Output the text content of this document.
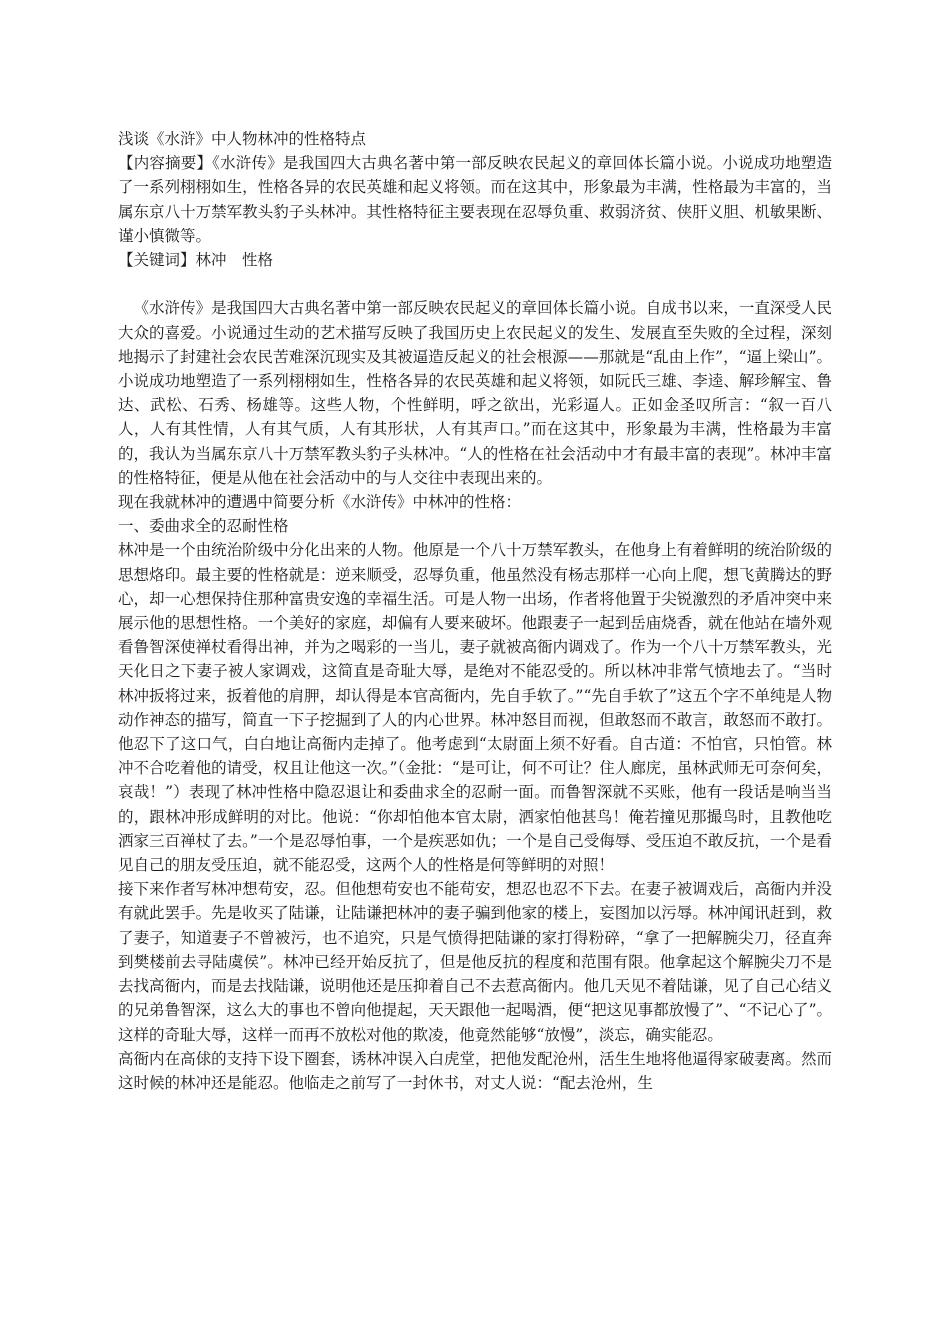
浅谈《水浒》中人物林冲的性格特点

【内容摘要】《水浒传》是我国四大古典名著中第一部反映农民起义的章回体长篇小说。小说成功地塑造了一系列栩栩如生，性格各异的农民英雄和起义将领。而在这其中，形象最为丰满，性格最为丰富的，当属东京八十万禁军教头豹子头林冲。其性格特征主要表现在忍辱负重、救弱济贫、侠肝义胆、机敏果断、谨小慎微等。

【关键词】林冲　性格

《水浒传》是我国四大古典名著中第一部反映农民起义的章回体长篇小说。自成书以来，一直深受人民大众的喜爱。小说通过生动的艺术描写反映了我国历史上农民起义的发生、发展直至失败的全过程，深刻地揭示了封建社会农民苦难深沉现实及其被逼造反起义的社会根源——那就是“乱由上作”，“逼上梁山”。小说成功地塑造了一系列栩栩如生，性格各异的农民英雄和起义将领，如阮氏三雄、李逵、解珍解宝、鲁达、武松、石秀、杨雄等。这些人物，个性鲜明，呼之欲出，光彩逼人。正如金圣叹所言：“叙一百八人，人有其性情，人有其气质，人有其形状，人有其声口。”而在这其中，形象最为丰满，性格最为丰富的，我认为当属东京八十万禁军教头豹子头林冲。“人的性格在社会活动中才有最丰富的表现”。林冲丰富的性格特征，便是从他在社会活动中的与人交往中表现出来的。

现在我就林冲的遭遇中简要分析《水浒传》中林冲的性格：

一、委曲求全的忍耐性格

林冲是一个由统治阶级中分化出来的人物。他原是一个八十万禁军教头，在他身上有着鲜明的统治阶级的思想烙印。最主要的性格就是：逆来顺受，忍辱负重，他虽然没有杨志那样一心向上爬，想飞黄腾达的野心，却一心想保持住那种富贵安逸的幸福生活。可是人物一出场，作者将他置于尖锐激烈的矛盾冲突中来展示他的思想性格。一个美好的家庭，却偏有人要来破坏。他跟妻子一起到岳庙烧香，就在他站在墙外观看鲁智深使禅杖看得出神，并为之喝彩的一当儿，妻子就被高衙内调戏了。作为一个八十万禁军教头，光天化日之下妻子被人家调戏，这简直是奇耻大辱，是绝对不能忍受的。所以林冲非常气愤地去了。“当时林冲扳将过来，扳着他的肩胛，却认得是本官高衙内，先自手软了。”“先自手软了”这五个字不单纯是人物动作神态的描写，简直一下子挖掘到了人的内心世界。林冲怒目而视，但敢怒而不敢言，敢怒而不敢打。他忍下了这口气，白白地让高衙内走掉了。他考虑到“太尉面上须不好看。自古道：不怕官，只怕管。林冲不合吃着他的请受，权且让他这一次。”（金批：“是可让，何不可让？住人廊庑，虽林武师无可奈何矣，哀哉！”）表现了林冲性格中隐忍退让和委曲求全的忍耐一面。而鲁智深就不买账，他有一段话是响当当的，跟林冲形成鲜明的对比。他说：“你却怕他本官太尉，洒家怕他甚鸟！俺若撞见那撮鸟时，且教他吃洒家三百禅杖了去。”一个是忍辱怕事，一个是疾恶如仇；一个是自己受侮辱、受压迫不敢反抗，一个是看见自己的朋友受压迫，就不能忍受，这两个人的性格是何等鲜明的对照！

接下来作者写林冲想苟安，忍。但他想苟安也不能苟安，想忍也忍不下去。在妻子被调戏后，高衙内并没有就此罢手。先是收买了陆谦，让陆谦把林冲的妻子骗到他家的楼上，妄图加以污辱。林冲闻讯赶到，救了妻子，知道妻子不曾被污，也不追究，只是气愤得把陆谦的家打得粉碎，“拿了一把解腕尖刀，径直奔到樊楼前去寻陆虞侯”。林冲已经开始反抗了，但是他反抗的程度和范围有限。他拿起这个解腕尖刀不是去找高衙内，而是去找陆谦，说明他还是压抑着自己不去惹高衙内。他几天见不着陆谦，见了自己心结义的兄弟鲁智深，这么大的事也不曾向他提起，天天跟他一起喝酒，便“把这见事都放慢了”、“不记心了”。这样的奇耻大辱，这样一而再不放松对他的欺凌，他竟然能够“放慢”，淡忘，确实能忍。

高衙内在高俅的支持下设下圈套，诱林冲误入白虎堂，把他发配沧州，活生生地将他逼得家破妻离。然而这时候的林冲还是能忍。他临走之前写了一封休书，对丈人说：“配去沧州，生
